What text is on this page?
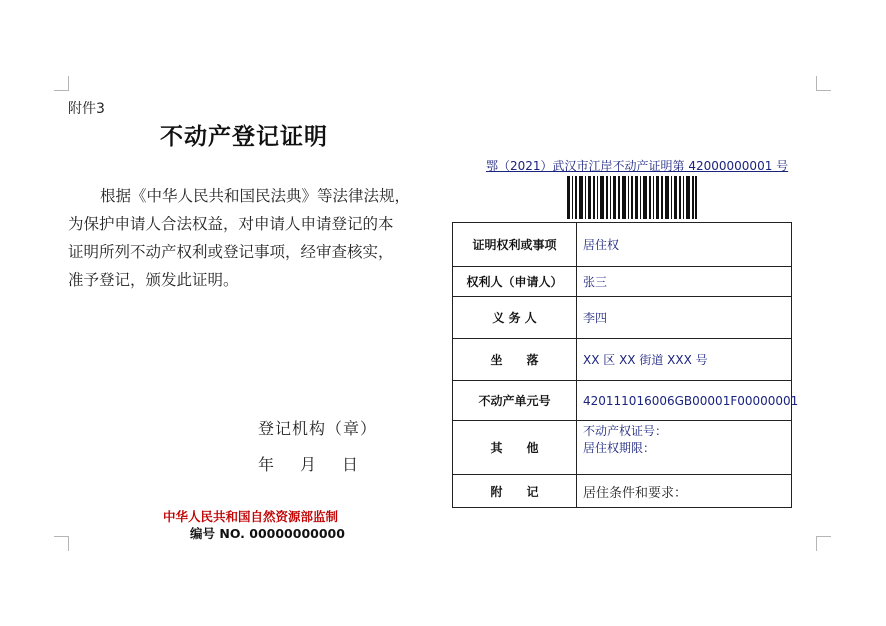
附件3
不动产登记证明
根据《中华人民共和国民法典》等法律法规，
为保护申请人合法权益，对申请人申请登记的本
证明所列不动产权利或登记事项，经审查核实，
准予登记，颁发此证明。
登记机构（章）
年 月 日
中华人民共和国自然资源部监制
编号 NO. 00000000000
鄂（2021）武汉市江岸不动产证明第 42000000001 号
证明权利或事项	居住权
权利人（申请人）	张三
义 务 人	李四
坐　　落	XX 区 XX 街道 XXX 号
不动产单元号	420111016006GB00001F00000001
其　　他	不动产权证号：
居住权期限：

附　　记	居住条件和要求：
